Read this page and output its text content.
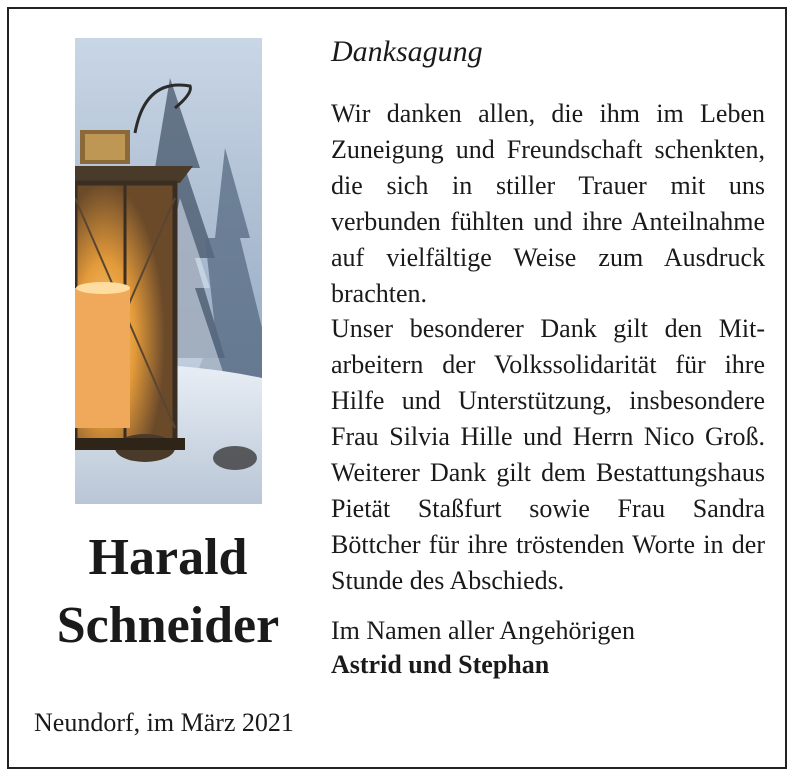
Harald
Schneider
Neundorf, im März 2021
Danksagung

Wir danken allen, die ihm im Leben Zuneigung und Freundschaft schenkten, die sich in stiller Trauer mit uns verbunden fühlten und ihre Anteilnahme auf vielfältige Weise zum Ausdruck brachten.

Unser besonderer Dank gilt den Mitarbeitern der Volkssolidarität für ihre Hilfe und Unterstützung, insbesondere Frau Silvia Hille und Herrn Nico Groß. Weiterer Dank gilt dem Bestattungshaus Pietät Staßfurt sowie Frau Sandra Böttcher für ihre tröstenden Worte in der Stunde des Abschieds.

Im Namen aller Angehörigen
Astrid und Stephan
